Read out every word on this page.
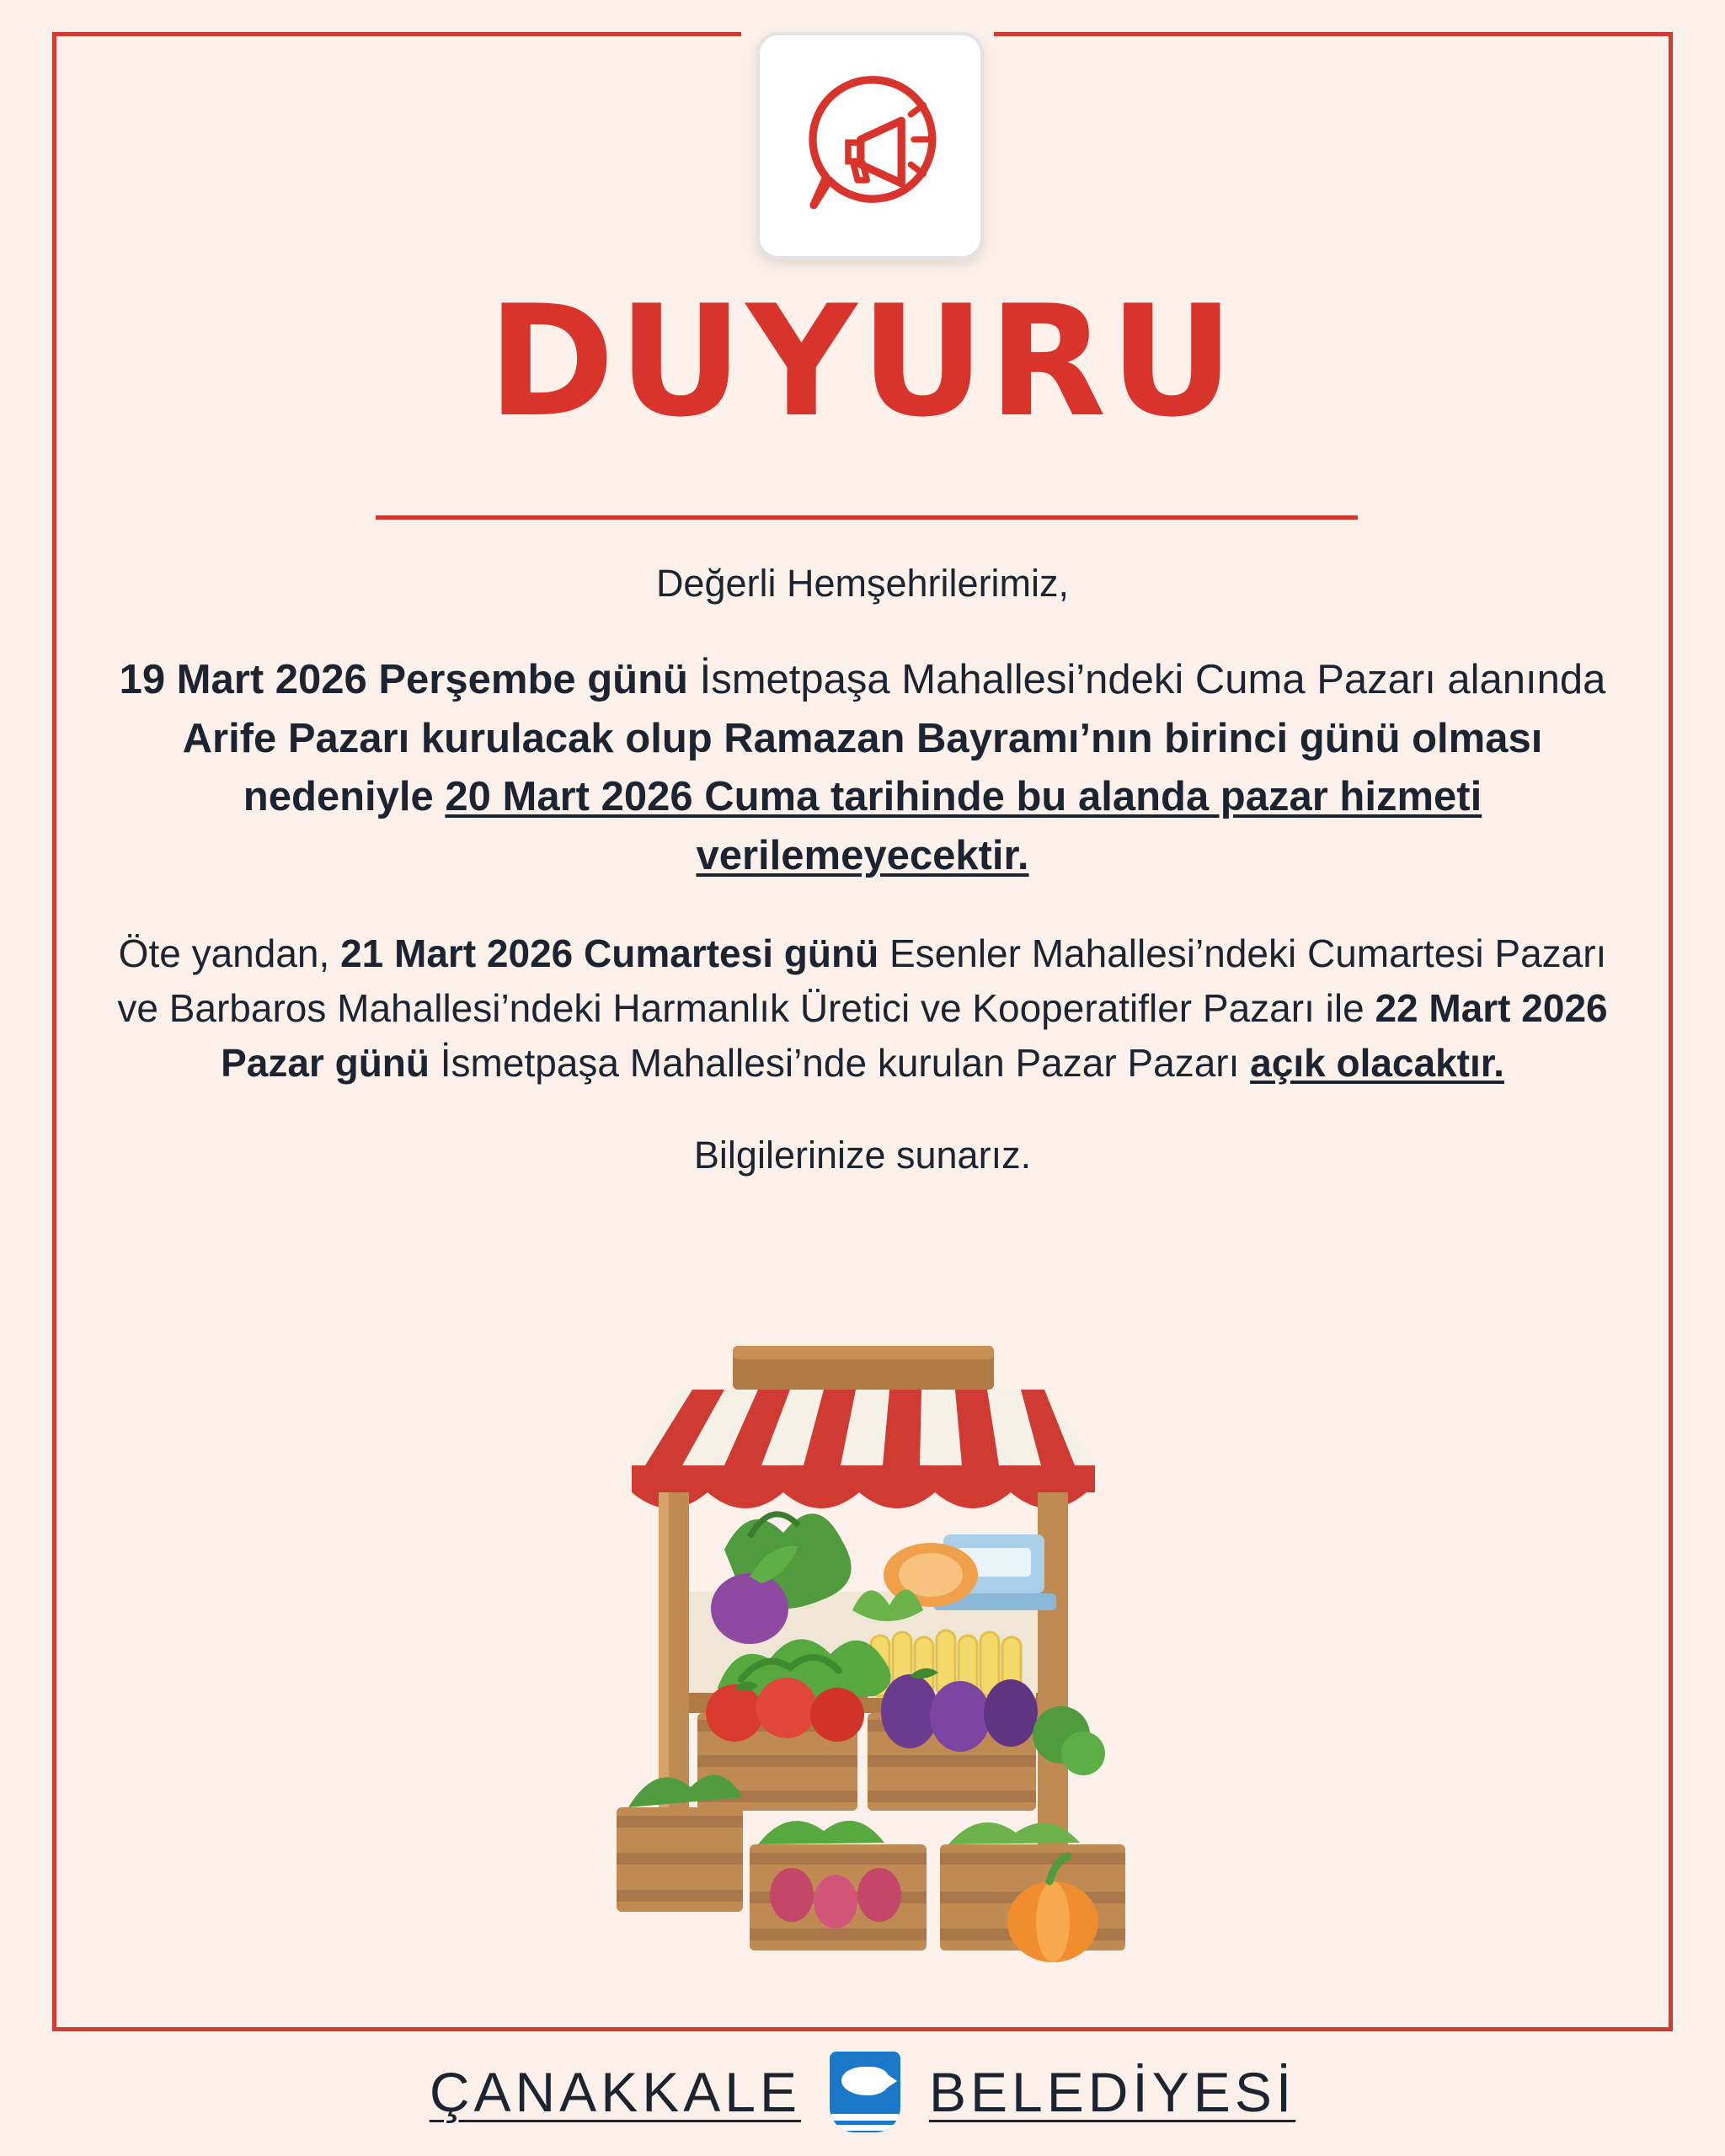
DUYURU

Değerli Hemşehrilerimiz,

19 Mart 2026 Perşembe günü İsmetpaşa Mahallesi’ndeki Cuma Pazarı alanında Arife Pazarı kurulacak olup Ramazan Bayramı’nın birinci günü olması nedeniyle 20 Mart 2026 Cuma tarihinde bu alanda pazar hizmeti verilemeyecektir.

Öte yandan, 21 Mart 2026 Cumartesi günü Esenler Mahallesi’ndeki Cumartesi Pazarı ve Barbaros Mahallesi’ndeki Harmanlık Üretici ve Kooperatifler Pazarı ile 22 Mart 2026 Pazar günü İsmetpaşa Mahallesi’nde kurulan Pazar Pazarı açık olacaktır.

Bilgilerinize sunarız.

ÇANAKKALE BELEDİYESİ
